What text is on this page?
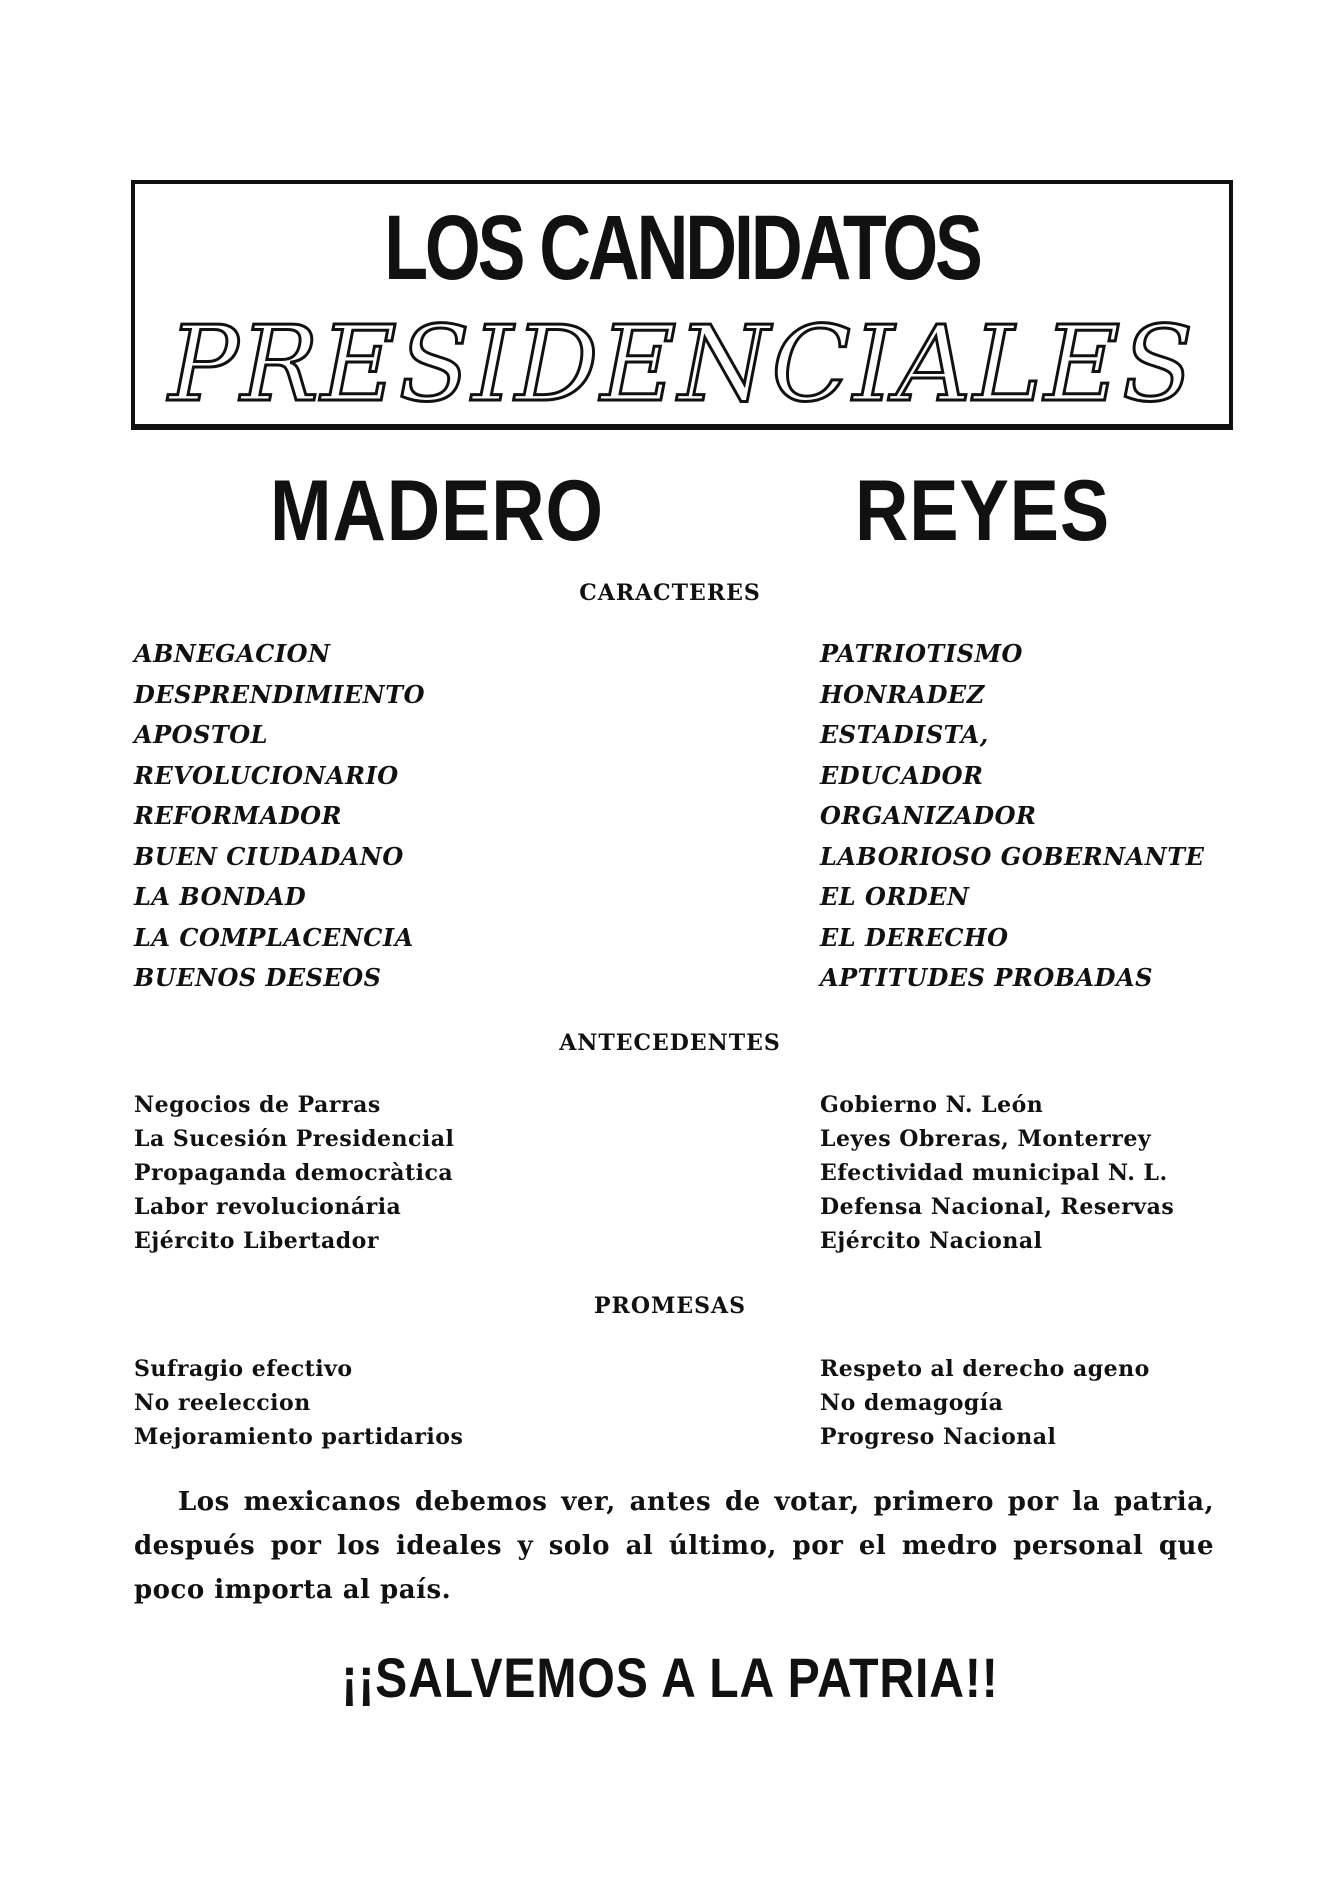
LOS CANDIDATOS
PRESIDENCIALES
MADERO	REYES
CARACTERES
ABNEGACION
DESPRENDIMIENTO
APOSTOL
REVOLUCIONARIO
REFORMADOR
BUEN CIUDADANO
LA BONDAD
LA COMPLACENCIA
BUENOS DESEOS
PATRIOTISMO
HONRADEZ
ESTADISTA,
EDUCADOR
ORGANIZADOR
LABORIOSO GOBERNANTE
EL ORDEN
EL DERECHO
APTITUDES PROBADAS
ANTECEDENTES
Negocios de Parras
La Sucesión Presidencial
Propaganda democràtica
Labor revolucionária
Ejército Libertador
Gobierno N. León
Leyes Obreras, Monterrey
Efectividad municipal N. L.
Defensa Nacional, Reservas
Ejército Nacional
PROMESAS
Sufragio efectivo
No reeleccion
Mejoramiento partidarios
Respeto al derecho ageno
No demagogía
Progreso Nacional
Los mexicanos debemos ver, antes de votar, primero por la patria, después por los ideales y solo al último, por el medro personal que poco importa al país.
¡¡SALVEMOS A LA PATRIA!!
